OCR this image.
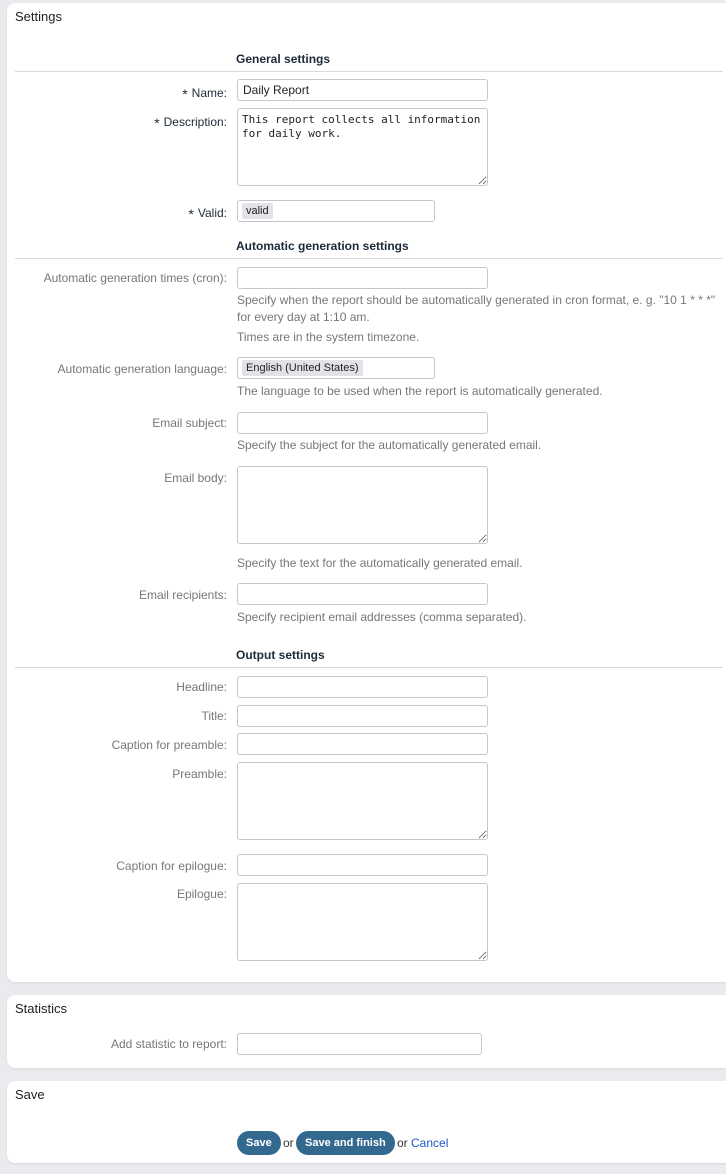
Settings
General settings
* Name:
Daily Report
* Description:
This report collects all information for daily work.
* Valid:	valid
Automatic generation settings
Automatic generation times (cron):
Specify when the report should be automatically generated in cron format, e. g. "10 1 * * *" for every day at 1:10 am.
Times are in the system timezone.
Automatic generation language:	English (United States)
The language to be used when the report is automatically generated.
Email subject:
Specify the subject for the automatically generated email.
Email body:
Specify the text for the automatically generated email.
Email recipients:
Specify recipient email addresses (comma separated).
Output settings
Headline:
Title:
Caption for preamble:
Preamble:
Caption for epilogue:
Epilogue:
Statistics
Add statistic to report:
Save
Save or	Save and finish or Cancel
